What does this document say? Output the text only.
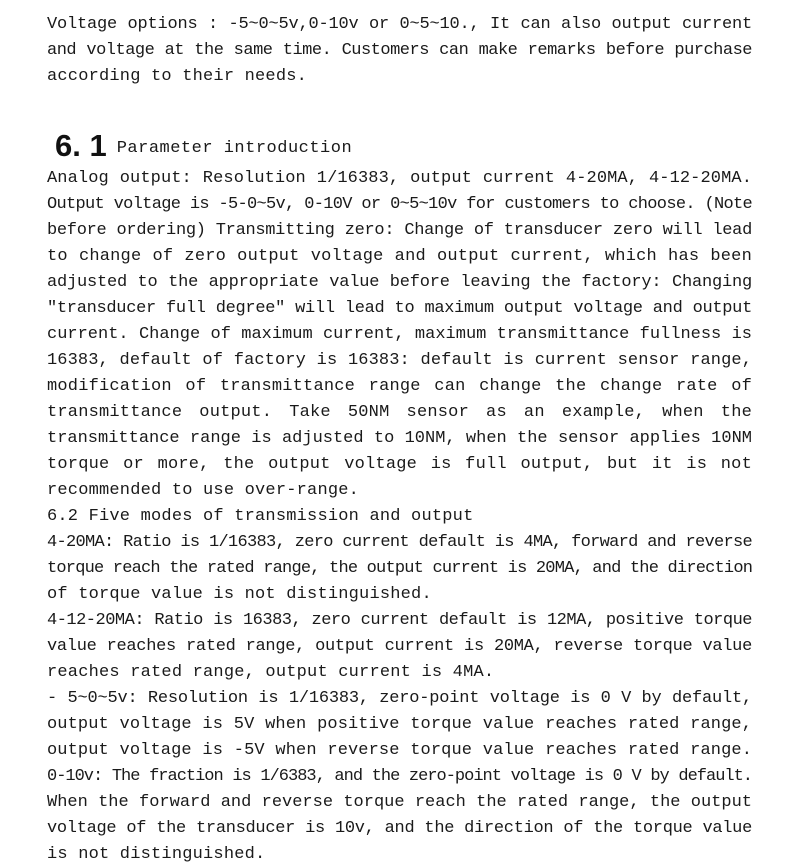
Voltage options : -5~0~5v,0-10v or 0~5~10., It can also output current
and voltage at the same time. Customers can make remarks before purchase
according to their needs.
6. 1 Parameter introduction
Analog output: Resolution 1/16383, output current 4-20MA, 4-12-20MA.
Output voltage is -5-0~5v, 0-10V or 0~5~10v for customers to choose. (Note
before ordering) Transmitting zero: Change of transducer zero will lead
to change of zero output voltage and output current, which has been
adjusted to the appropriate value before leaving the factory: Changing
"transducer full degree" will lead to maximum output voltage and output
current. Change of maximum current, maximum transmittance fullness is
16383, default of factory is 16383: default is current sensor range,
modification of transmittance range can change the change rate of
transmittance output. Take 50NM sensor as an example, when the
transmittance range is adjusted to 10NM, when the sensor applies 10NM
torque or more, the output voltage is full output, but it is not
recommended to use over-range.
6.2 Five modes of transmission and output
4-20MA: Ratio is 1/16383, zero current default is 4MA, forward and reverse
torque reach the rated range, the output current is 20MA, and the direction
of torque value is not distinguished.
4-12-20MA: Ratio is 16383, zero current default is 12MA, positive torque
value reaches rated range, output current is 20MA, reverse torque value
reaches rated range, output current is 4MA.
- 5~0~5v: Resolution is 1/16383, zero-point voltage is 0 V by default,
output voltage is 5V when positive torque value reaches rated range,
output voltage is -5V when reverse torque value reaches rated range.
0-10v: The fraction is 1/6383, and the zero-point voltage is 0 V by default.
When the forward and reverse torque reach the rated range, the output
voltage of the transducer is 10v, and the direction of the torque value
is not distinguished.
